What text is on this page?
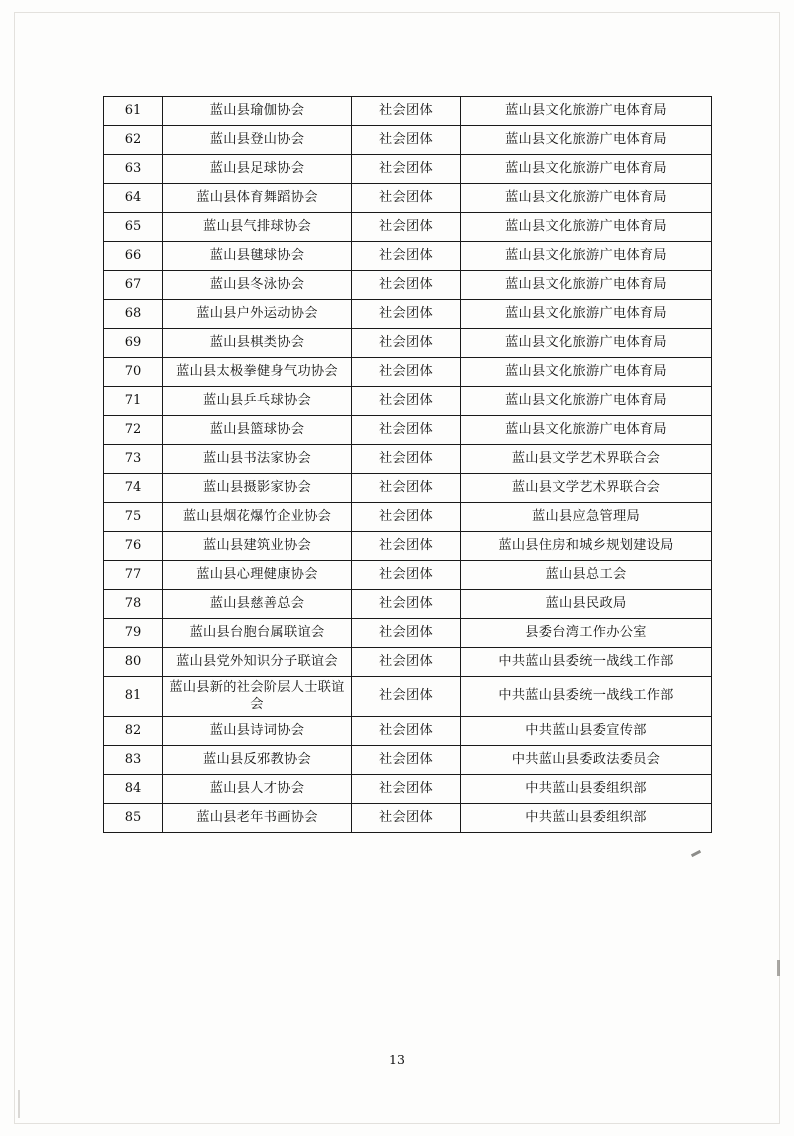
61	蓝山县瑜伽协会	社会团体	蓝山县文化旅游广电体育局
62	蓝山县登山协会	社会团体	蓝山县文化旅游广电体育局
63	蓝山县足球协会	社会团体	蓝山县文化旅游广电体育局
64	蓝山县体育舞蹈协会	社会团体	蓝山县文化旅游广电体育局
65	蓝山县气排球协会	社会团体	蓝山县文化旅游广电体育局
66	蓝山县毽球协会	社会团体	蓝山县文化旅游广电体育局
67	蓝山县冬泳协会	社会团体	蓝山县文化旅游广电体育局
68	蓝山县户外运动协会	社会团体	蓝山县文化旅游广电体育局
69	蓝山县棋类协会	社会团体	蓝山县文化旅游广电体育局
70	蓝山县太极拳健身气功协会	社会团体	蓝山县文化旅游广电体育局
71	蓝山县乒乓球协会	社会团体	蓝山县文化旅游广电体育局
72	蓝山县篮球协会	社会团体	蓝山县文化旅游广电体育局
73	蓝山县书法家协会	社会团体	蓝山县文学艺术界联合会
74	蓝山县摄影家协会	社会团体	蓝山县文学艺术界联合会
75	蓝山县烟花爆竹企业协会	社会团体	蓝山县应急管理局
76	蓝山县建筑业协会	社会团体	蓝山县住房和城乡规划建设局
77	蓝山县心理健康协会	社会团体	蓝山县总工会
78	蓝山县慈善总会	社会团体	蓝山县民政局
79	蓝山县台胞台属联谊会	社会团体	县委台湾工作办公室
80	蓝山县党外知识分子联谊会	社会团体	中共蓝山县委统一战线工作部
81	蓝山县新的社会阶层人士联谊会	社会团体	中共蓝山县委统一战线工作部
82	蓝山县诗词协会	社会团体	中共蓝山县委宣传部
83	蓝山县反邪教协会	社会团体	中共蓝山县委政法委员会
84	蓝山县人才协会	社会团体	中共蓝山县委组织部
85	蓝山县老年书画协会	社会团体	中共蓝山县委组织部
13
